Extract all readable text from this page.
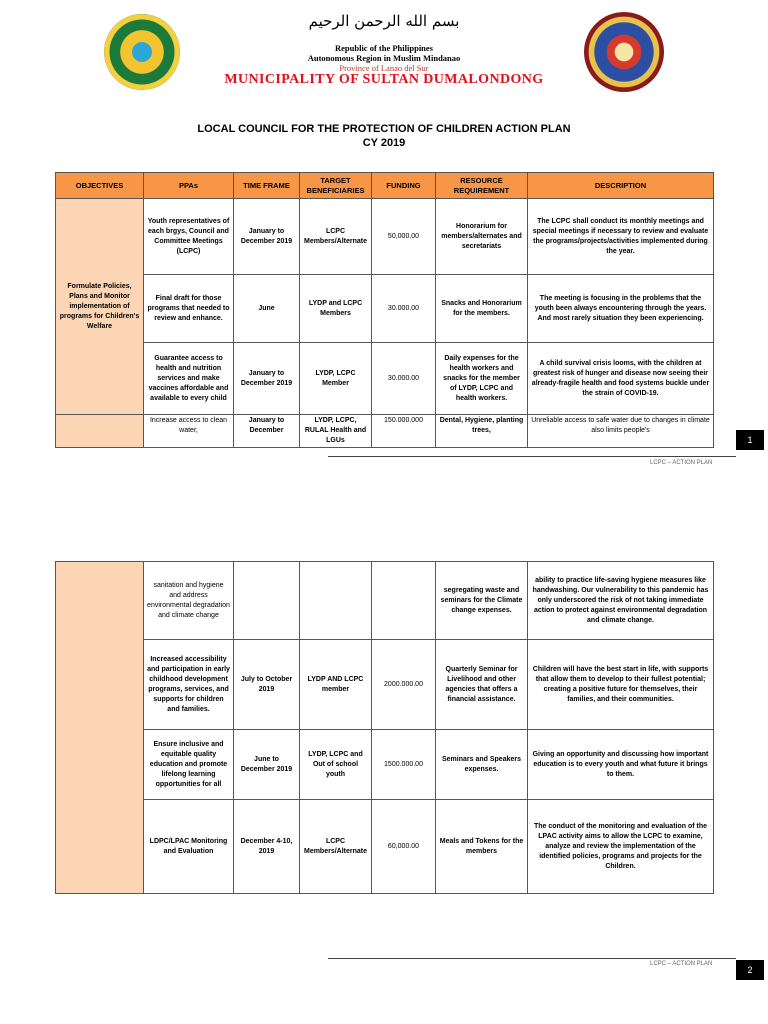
بسم الله الرحمن الرحيم
Republic of the Philippines
Autonomous Region in Muslim Mindanao
Province of Lanao del Sur
MUNICIPALITY OF SULTAN DUMALONDONG
LOCAL COUNCIL FOR THE PROTECTION OF CHILDREN ACTION PLAN
CY 2019
OBJECTIVES	PPAs	TIME FRAME	TARGET BENEFICIARIES	FUNDING	RESOURCE REQUIREMENT	DESCRIPTION
Formulate Policies, Plans and Monitor implementation of programs for Children's Welfare	Youth representatives of each brgys, Council and Committee Meetings (LCPC)	January to December 2019	LCPC Members/Alternate	50,000.00	Honorarium for members/alternates and secretariats	The LCPC shall conduct its monthly meetings and special meetings if necessary to review and evaluate the programs/projects/activities implemented during the year.
	Final draft for those programs that needed to review and enhance.	June	LYDP and LCPC Members	30.000.00	Snacks and Honorarium for the members.	The meeting is focusing in the problems that the youth been always encountering through the years. And most rarely situation they been experiencing.
	Guarantee access to health and nutrition services and make vaccines affordable and available to every child	January to December 2019	LYDP, LCPC Member	30.000.00	Daily expenses for the health workers and snacks for the member of LYDP, LCPC and health workers.	A child survival crisis looms, with the children at greatest risk of hunger and disease now seeing their already-fragile health and food systems buckle under the strain of COVID-19.
	Increase access to clean water,	January to December	LYDP, LCPC, RULAL Health and LGUs	150.000.000	Dental, Hygiene, planting trees,	Unreliable access to safe water due to changes in climate also limits people's
LCPC – ACTION PLAN
1
	sanitation and hygiene and address environmental degradation and climate change				segregating waste and seminars for the Climate change expenses.	ability to practice life-saving hygiene measures like handwashing. Our vulnerability to this pandemic has only underscored the risk of not taking immediate action to protect against environmental degradation and climate change.
	Increased accessibility and participation in early childhood development programs, services, and supports for children and families.	July to October 2019	LYDP AND LCPC member	2000.000.00	Quarterly Seminar for Livelihood and other agencies that offers a financial assistance.	Children will have the best start in life, with supports that allow them to develop to their fullest potential; creating a positive future for themselves, their families, and their communities.
	Ensure inclusive and equitable quality education and promote lifelong learning opportunities for all	June to December 2019	LYDP, LCPC and Out of school youth	1500.000.00	Seminars and Speakers expenses.	Giving an opportunity and discussing how important education is to every youth and what future it brings to them.
	LDPC/LPAC Monitoring and Evaluation	December 4-10, 2019	LCPC Members/Alternate	60,000.00	Meals and Tokens for the members	The conduct of the monitoring and evaluation of the LPAC activity aims to allow the LCPC to examine, analyze and review the implementation of the identified policies, programs and projects for the Children.
LCPC – ACTION PLAN
2
